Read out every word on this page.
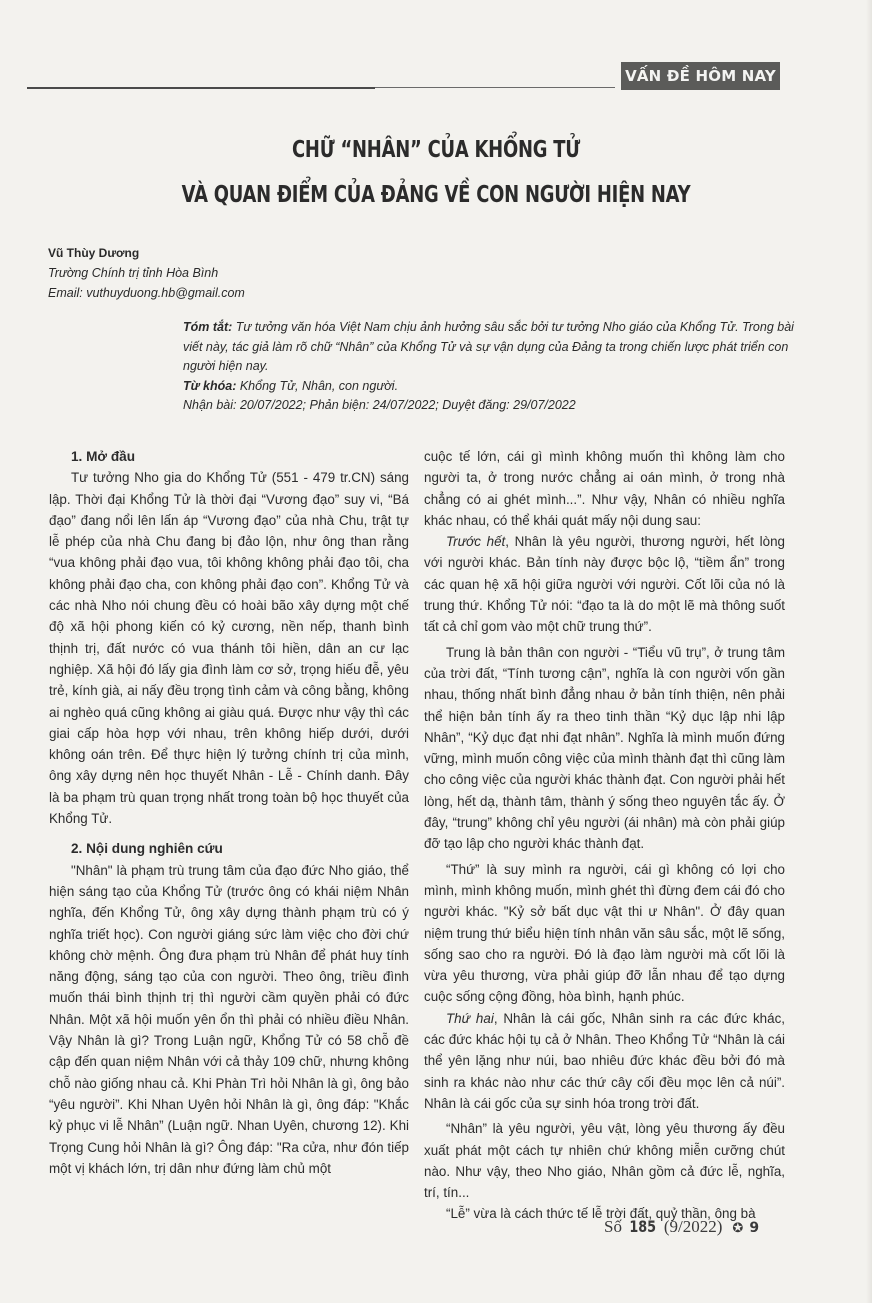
VẤN ĐỀ HÔM NAY
CHỮ “NHÂN” CỦA KHỔNG TỬ
VÀ QUAN ĐIỂM CỦA ĐẢNG VỀ CON NGƯỜI HIỆN NAY
Vũ Thùy Dương
Trường Chính trị tỉnh Hòa Bình
Email: vuthuyduong.hb@gmail.com
Tóm tắt: Tư tưởng văn hóa Việt Nam chịu ảnh hưởng sâu sắc bởi tư tưởng Nho giáo của Khổng Tử. Trong bài viết này, tác giả làm rõ chữ “Nhân” của Khổng Tử và sự vận dụng của Đảng ta trong chiến lược phát triển con người hiện nay.
Từ khóa: Khổng Tử, Nhân, con người.
Nhận bài: 20/07/2022; Phản biện: 24/07/2022; Duyệt đăng: 29/07/2022
1. Mở đầu

Tư tưởng Nho gia do Khổng Tử (551 - 479 tr.CN) sáng lập. Thời đại Khổng Tử là thời đại “Vương đạo” suy vi, “Bá đạo” đang nổi lên lấn áp “Vương đạo” của nhà Chu, trật tự lễ phép của nhà Chu đang bị đảo lộn, như ông than rằng “vua không phải đạo vua, tôi không không phải đạo tôi, cha không phải đạo cha, con không phải đạo con”. Khổng Tử và các nhà Nho nói chung đều có hoài bão xây dựng một chế độ xã hội phong kiến có kỷ cương, nền nếp, thanh bình thịnh trị, đất nước có vua thánh tôi hiền, dân an cư lạc nghiệp. Xã hội đó lấy gia đình làm cơ sở, trọng hiếu đễ, yêu trẻ, kính già, ai nấy đều trọng tình cảm và công bằng, không ai nghèo quá cũng không ai giàu quá. Được như vậy thì các giai cấp hòa hợp với nhau, trên không hiếp dưới, dưới không oán trên. Để thực hiện lý tưởng chính trị của mình, ông xây dựng nên học thuyết Nhân - Lễ - Chính danh. Đây là ba phạm trù quan trọng nhất trong toàn bộ học thuyết của Khổng Tử.

2. Nội dung nghiên cứu

"Nhân" là phạm trù trung tâm của đạo đức Nho giáo, thể hiện sáng tạo của Khổng Tử (trước ông có khái niệm Nhân nghĩa, đến Khổng Tử, ông xây dựng thành phạm trù có ý nghĩa triết học). Con người giáng sức làm việc cho đời chứ không chờ mệnh. Ông đưa phạm trù Nhân để phát huy tính năng động, sáng tạo của con người. Theo ông, triều đình muốn thái bình thịnh trị thì người cầm quyền phải có đức Nhân. Một xã hội muốn yên ổn thì phải có nhiều điều Nhân. Vậy Nhân là gì? Trong Luận ngữ, Khổng Tử có 58 chỗ đề cập đến quan niệm Nhân với cả thảy 109 chữ, nhưng không chỗ nào giống nhau cả. Khi Phàn Trì hỏi Nhân là gì, ông bảo “yêu người”. Khi Nhan Uyên hỏi Nhân là gì, ông đáp: "Khắc kỷ phục vi lễ Nhân” (Luận ngữ. Nhan Uyên, chương 12). Khi Trọng Cung hỏi Nhân là gì? Ông đáp: "Ra cửa, như đón tiếp một vị khách lớn, trị dân như đứng làm chủ một

cuộc tế lớn, cái gì mình không muốn thì không làm cho người ta, ở trong nước chẳng ai oán mình, ở trong nhà chẳng có ai ghét mình...”. Như vậy, Nhân có nhiều nghĩa khác nhau, có thể khái quát mấy nội dung sau:

Trước hết, Nhân là yêu người, thương người, hết lòng với người khác. Bản tính này được bộc lộ, “tiềm ẩn” trong các quan hệ xã hội giữa người với người. Cốt lõi của nó là trung thứ. Khổng Tử nói: “đạo ta là do một lẽ mà thông suốt tất cả chỉ gom vào một chữ trung thứ”.

Trung là bản thân con người - “Tiểu vũ trụ”, ở trung tâm của trời đất, “Tính tương cận”, nghĩa là con người vốn gần nhau, thống nhất bình đẳng nhau ở bản tính thiện, nên phải thể hiện bản tính ấy ra theo tinh thần “Kỷ dục lập nhi lập Nhân”, “Kỷ dục đạt nhi đạt nhân”. Nghĩa là mình muốn đứng vững, mình muốn công việc của mình thành đạt thì cũng làm cho công việc của người khác thành đạt. Con người phải hết lòng, hết dạ, thành tâm, thành ý sống theo nguyên tắc ấy. Ở đây, “trung” không chỉ yêu người (ái nhân) mà còn phải giúp đỡ tạo lập cho người khác thành đạt.

“Thứ” là suy mình ra người, cái gì không có lợi cho mình, mình không muốn, mình ghét thì đừng đem cái đó cho người khác. "Kỷ sở bất dục vật thi ư Nhân". Ở đây quan niệm trung thứ biểu hiện tính nhân văn sâu sắc, một lẽ sống, sống sao cho ra người. Đó là đạo làm người mà cốt lõi là vừa yêu thương, vừa phải giúp đỡ lẫn nhau để tạo dựng cuộc sống cộng đồng, hòa bình, hạnh phúc.

Thứ hai, Nhân là cái gốc, Nhân sinh ra các đức khác, các đức khác hội tụ cả ở Nhân. Theo Khổng Tử “Nhân là cái thể yên lặng như núi, bao nhiêu đức khác đều bởi đó mà sinh ra khác nào như các thứ cây cối đều mọc lên cả núi”. Nhân là cái gốc của sự sinh hóa trong trời đất.

“Nhân” là yêu người, yêu vật, lòng yêu thương ấy đều xuất phát một cách tự nhiên chứ không miễn cưỡng chút nào. Như vậy, theo Nho giáo, Nhân gồm cả đức lễ, nghĩa, trí, tín...

“Lễ” vừa là cách thức tế lễ trời đất, quỷ thần, ông bà

Số 185 (9/2022) ✪ 9
